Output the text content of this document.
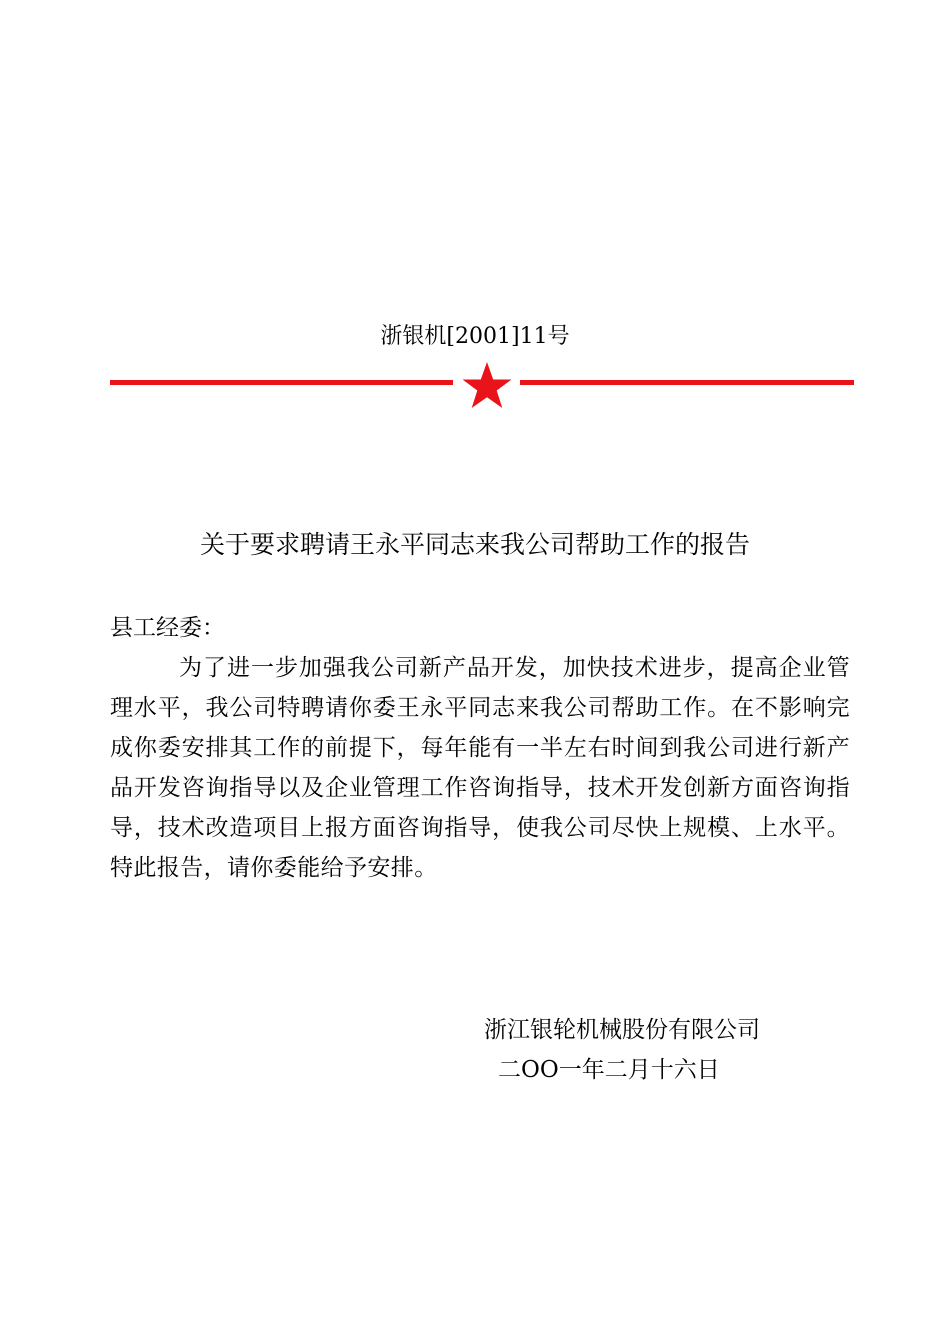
浙银机[2001]11号
关于要求聘请王永平同志来我公司帮助工作的报告
县工经委：
为了进一步加强我公司新产品开发，加快技术进步，提高企业管理水平，我公司特聘请你委王永平同志来我公司帮助工作。在不影响完成你委安排其工作的前提下，每年能有一半左右时间到我公司进行新产品开发咨询指导以及企业管理工作咨询指导，技术开发创新方面咨询指导，技术改造项目上报方面咨询指导，使我公司尽快上规模、上水平。特此报告，请你委能给予安排。
浙江银轮机械股份有限公司
二OO一年二月十六日
